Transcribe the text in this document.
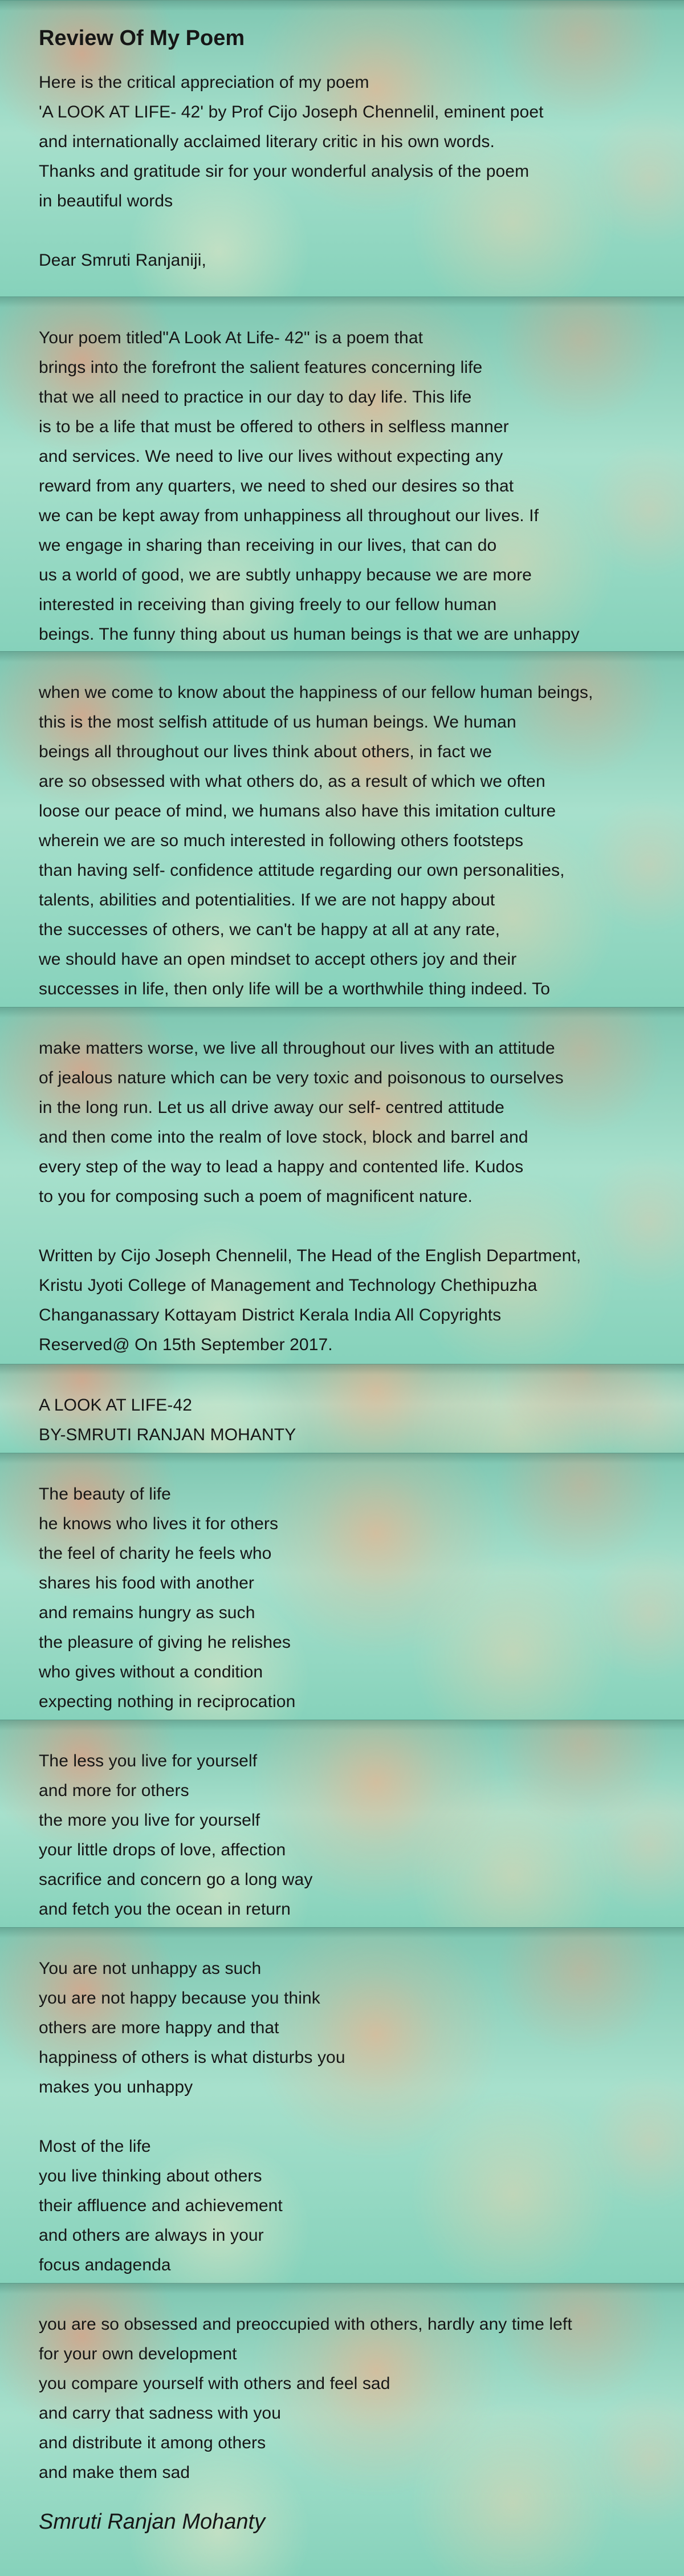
Review Of My Poem
Here is the critical appreciation of my poem
'A LOOK AT LIFE- 42' by Prof Cijo Joseph Chennelil, eminent poet
and internationally acclaimed literary critic in his own words.
Thanks and gratitude sir for your wonderful analysis of the poem
in beautiful words
Dear Smruti Ranjaniji,
Your poem titled"A Look At Life- 42" is a poem that
brings into the forefront the salient features concerning life
that we all need to practice in our day to day life. This life
is to be a life that must be offered to others in selfless manner
and services. We need to live our lives without expecting any
reward from any quarters, we need to shed our desires so that
we can be kept away from unhappiness all throughout our lives. If
we engage in sharing than receiving in our lives, that can do
us a world of good, we are subtly unhappy because we are more
interested in receiving than giving freely to our fellow human
beings. The funny thing about us human beings is that we are unhappy
when we come to know about the happiness of our fellow human beings,
this is the most selfish attitude of us human beings. We human
beings all throughout our lives think about others, in fact we
are so obsessed with what others do, as a result of which we often
loose our peace of mind, we humans also have this imitation culture
wherein we are so much interested in following others footsteps
than having self- confidence attitude regarding our own personalities,
talents, abilities and potentialities. If we are not happy about
the successes of others, we can't be happy at all at any rate,
we should have an open mindset to accept others joy and their
successes in life, then only life will be a worthwhile thing indeed. To
make matters worse, we live all throughout our lives with an attitude
of jealous nature which can be very toxic and poisonous to ourselves
in the long run. Let us all drive away our self- centred attitude
and then come into the realm of love stock, block and barrel and
every step of the way to lead a happy and contented life. Kudos
to you for composing such a poem of magnificent nature.
Written by Cijo Joseph Chennelil, The Head of the English Department,
Kristu Jyoti College of Management and Technology Chethipuzha
Changanassary Kottayam District Kerala India All Copyrights
Reserved@ On 15th September 2017.
A LOOK AT LIFE-42
BY-SMRUTI RANJAN MOHANTY
The beauty of life
he knows who lives it for others
the feel of charity he feels who
shares his food with another
and remains hungry as such
the pleasure of giving he relishes
who gives without a condition
expecting nothing in reciprocation
The less you live for yourself
and more for others
the more you live for yourself
your little drops of love, affection
sacrifice and concern go a long way
and fetch you the ocean in return
You are not unhappy as such
you are not happy because you think
others are more happy and that
happiness of others is what disturbs you
makes you unhappy
Most of the life
you live thinking about others
their affluence and achievement
and others are always in your
focus andagenda
you are so obsessed and preoccupied with others, hardly any time left
for your own development
you compare yourself with others and feel sad
and carry that sadness with you
and distribute it among others
and make them sad
Smruti Ranjan Mohanty
